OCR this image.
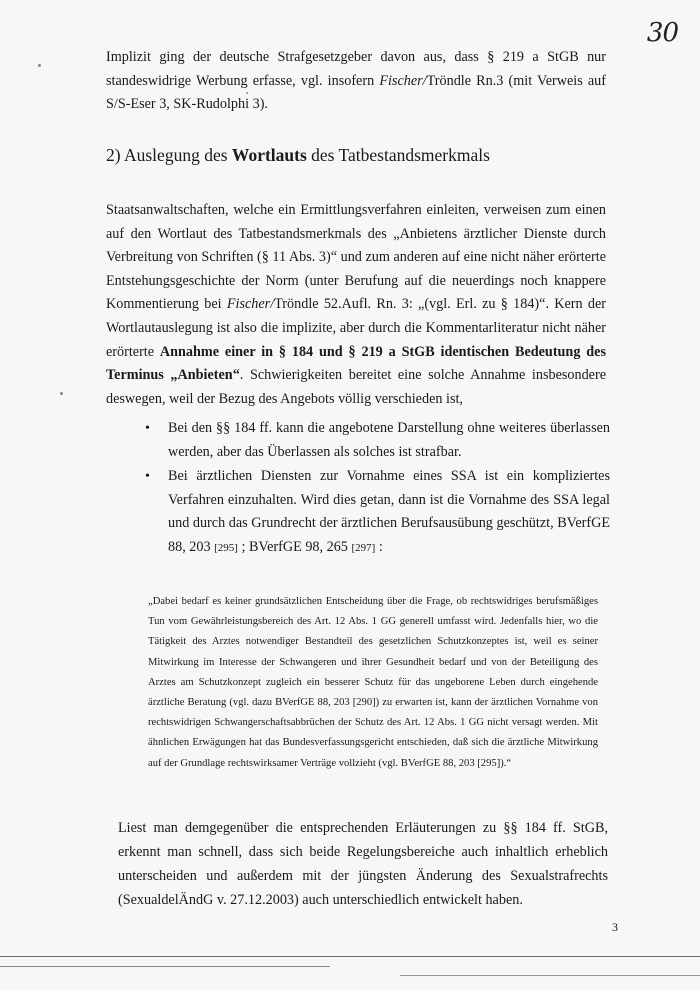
30

Implizit ging der deutsche Strafgesetzgeber davon aus, dass § 219 a StGB nur standeswidrige Werbung erfasse, vgl. insofern Fischer/Tröndle Rn.3 (mit Verweis auf S/S-Eser 3, SK-Rudolphi 3).

2) Auslegung des Wortlauts des Tatbestandsmerkmals

Staatsanwaltschaften, welche ein Ermittlungsverfahren einleiten, verweisen zum einen auf den Wortlaut des Tatbestandsmerkmals des „Anbietens ärztlicher Dienste durch Verbreitung von Schriften (§ 11 Abs. 3)“ und zum anderen auf eine nicht näher erörterte Entstehungsgeschichte der Norm (unter Berufung auf die neuerdings noch knappere Kommentierung bei Fischer/Tröndle 52.Aufl. Rn. 3: „(vgl. Erl. zu § 184)“. Kern der Wortlautauslegung ist also die implizite, aber durch die Kommentarliteratur nicht näher erörterte Annahme einer in § 184 und § 219 a StGB identischen Bedeutung des Terminus „Anbieten“. Schwierigkeiten bereitet eine solche Annahme insbesondere deswegen, weil der Bezug des Angebots völlig verschieden ist,

• Bei den §§ 184 ff. kann die angebotene Darstellung ohne weiteres überlassen werden, aber das Überlassen als solches ist strafbar.
• Bei ärztlichen Diensten zur Vornahme eines SSA ist ein kompliziertes Verfahren einzuhalten. Wird dies getan, dann ist die Vornahme des SSA legal und durch das Grundrecht der ärztlichen Berufsausübung geschützt, BVerfGE 88, 203 [295] ; BVerfGE 98, 265 [297] :

„Dabei bedarf es keiner grundsätzlichen Entscheidung über die Frage, ob rechtswidriges berufsmäßiges Tun vom Gewährleistungsbereich des Art. 12 Abs. 1 GG generell umfasst wird. Jedenfalls hier, wo die Tätigkeit des Arztes notwendiger Bestandteil des gesetzlichen Schutzkonzeptes ist, weil es seiner Mitwirkung im Interesse der Schwangeren und ihrer Gesundheit bedarf und von der Beteiligung des Arztes am Schutzkonzept zugleich ein besserer Schutz für das ungeborene Leben durch eingehende ärztliche Beratung (vgl. dazu BVerfGE 88, 203 [290]) zu erwarten ist, kann der ärztlichen Vornahme von rechtswidrigen Schwangerschaftsabbrüchen der Schutz des Art. 12 Abs. 1 GG nicht versagt werden. Mit ähnlichen Erwägungen hat das Bundesverfassungsgericht entschieden, daß sich die ärztliche Mitwirkung auf der Grundlage rechtswirksamer Verträge vollzieht (vgl. BVerfGE 88, 203 [295]).“

Liest man demgegenüber die entsprechenden Erläuterungen zu §§ 184 ff. StGB, erkennt man schnell, dass sich beide Regelungsbereiche auch inhaltlich erheblich unterscheiden und außerdem mit der jüngsten Änderung des Sexualstrafrechts (SexualdelÄndG v. 27.12.2003) auch unterschiedlich entwickelt haben.

3
